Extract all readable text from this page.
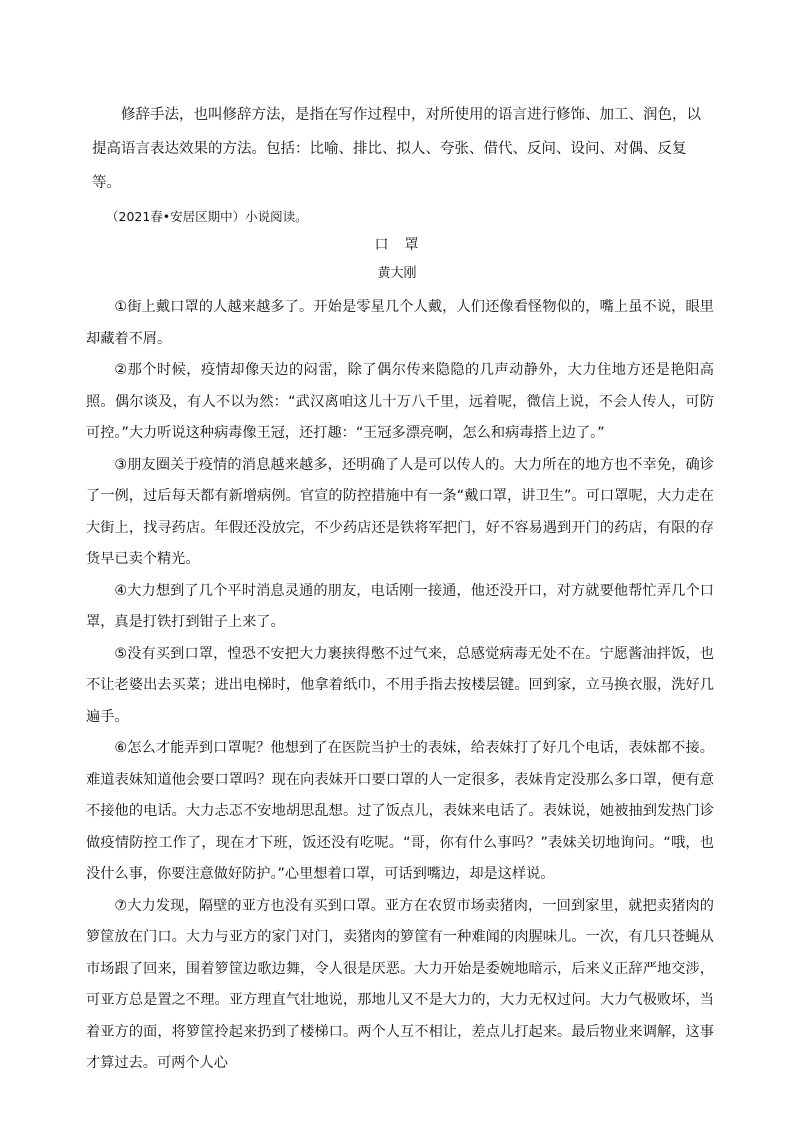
修辞手法，也叫修辞方法，是指在写作过程中，对所使用的语言进行修饰、加工、润色，以提高语言表达效果的方法。包括：比喻、排比、拟人、夸张、借代、反问、设问、对偶、反复等。

（2021春•安居区期中）小说阅读。

口　罩

黄大刚

①街上戴口罩的人越来越多了。开始是零星几个人戴，人们还像看怪物似的，嘴上虽不说，眼里却藏着不屑。

②那个时候，疫情却像天边的闷雷，除了偶尔传来隐隐的几声动静外，大力住地方还是艳阳高照。偶尔谈及，有人不以为然：“武汉离咱这儿十万八千里，远着呢，微信上说，不会人传人，可防可控。”大力听说这种病毒像王冠，还打趣：“王冠多漂亮啊，怎么和病毒搭上边了。”

③朋友圈关于疫情的消息越来越多，还明确了人是可以传人的。大力所在的地方也不幸免，确诊了一例，过后每天都有新增病例。官宣的防控措施中有一条“戴口罩，讲卫生”。可口罩呢，大力走在大街上，找寻药店。年假还没放完，不少药店还是铁将军把门，好不容易遇到开门的药店，有限的存货早已卖个精光。

④大力想到了几个平时消息灵通的朋友，电话刚一接通，他还没开口，对方就要他帮忙弄几个口罩，真是打铁打到钳子上来了。

⑤没有买到口罩，惶恐不安把大力裹挟得憋不过气来，总感觉病毒无处不在。宁愿酱油拌饭，也不让老婆出去买菜；进出电梯时，他拿着纸巾，不用手指去按楼层键。回到家，立马换衣服，洗好几遍手。

⑥怎么才能弄到口罩呢？他想到了在医院当护士的表妹，给表妹打了好几个电话，表妹都不接。难道表妹知道他会要口罩吗？现在向表妹开口要口罩的人一定很多，表妹肯定没那么多口罩，便有意不接他的电话。大力忐忑不安地胡思乱想。过了饭点儿，表妹来电话了。表妹说，她被抽到发热门诊做疫情防控工作了，现在才下班，饭还没有吃呢。“哥，你有什么事吗？”表妹关切地询问。“哦，也没什么事，你要注意做好防护。”心里想着口罩，可话到嘴边，却是这样说。

⑦大力发现，隔壁的亚方也没有买到口罩。亚方在农贸市场卖猪肉，一回到家里，就把卖猪肉的箩筐放在门口。大力与亚方的家门对门，卖猪肉的箩筐有一种难闻的肉腥味儿。一次，有几只苍蝇从市场跟了回来，围着箩筐边歌边舞，令人很是厌恶。大力开始是委婉地暗示，后来义正辞严地交涉，可亚方总是置之不理。亚方理直气壮地说，那地儿又不是大力的，大力无权过问。大力气极败坏，当着亚方的面，将箩筐拎起来扔到了楼梯口。两个人互不相让，差点儿打起来。最后物业来调解，这事才算过去。可两个人心
